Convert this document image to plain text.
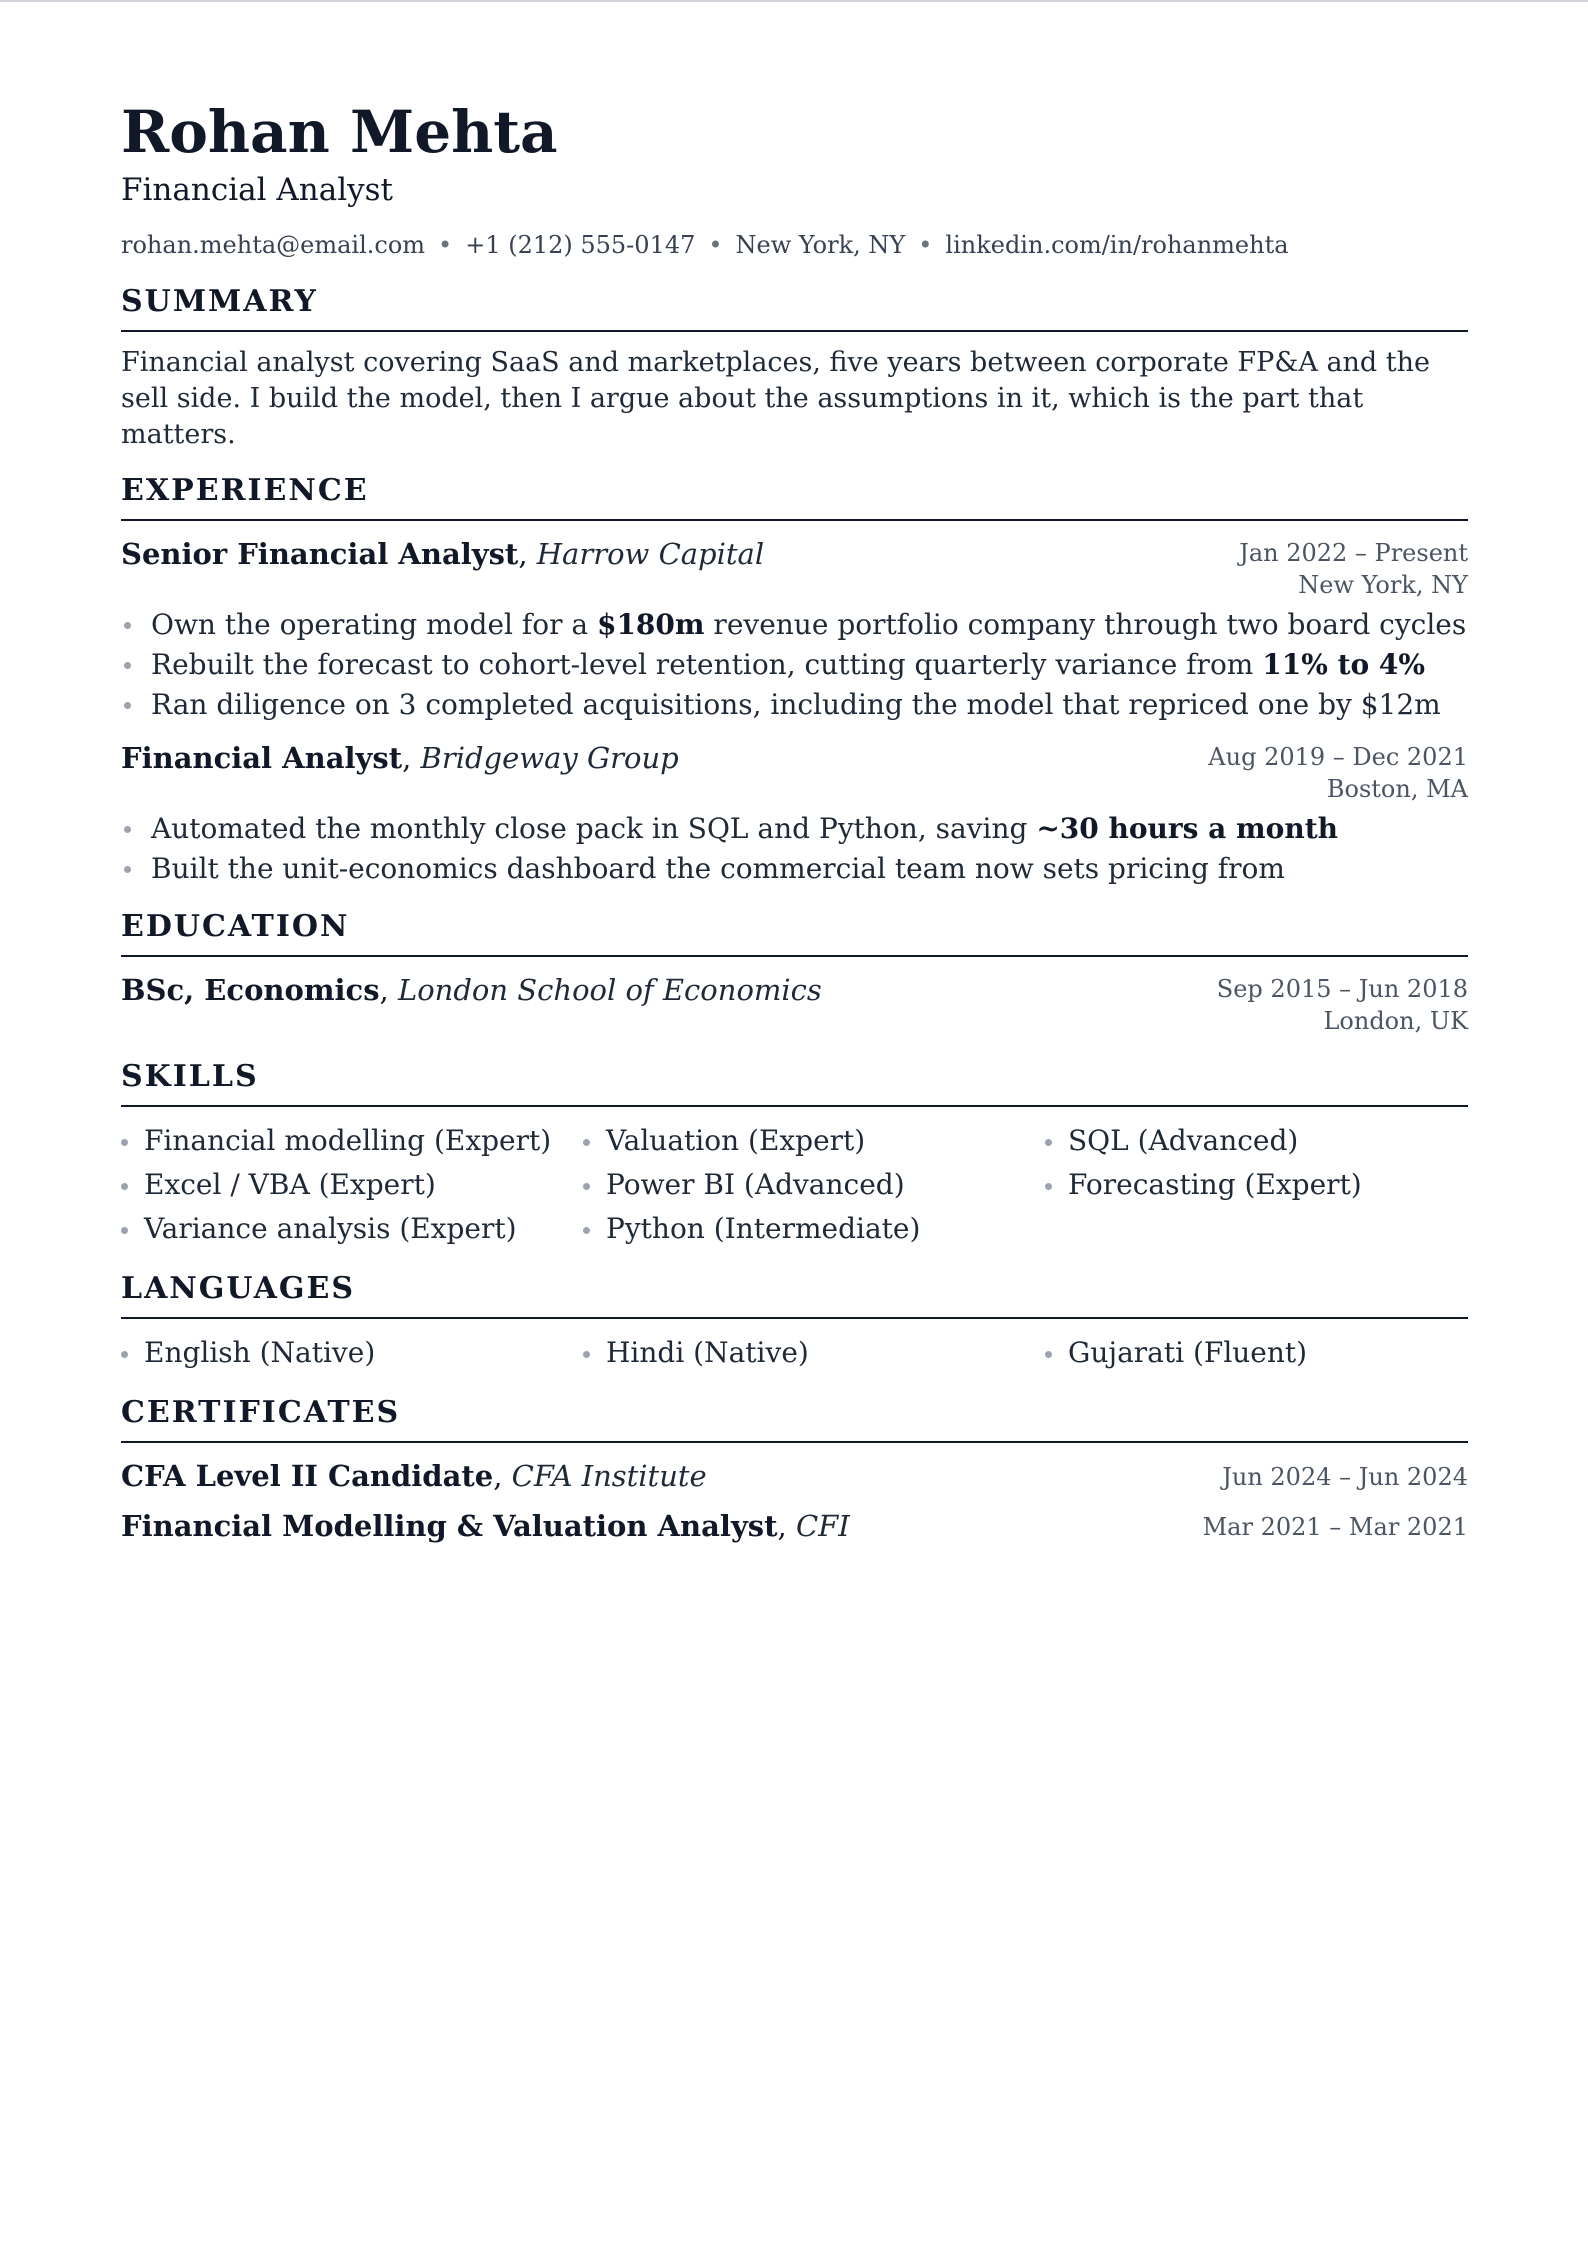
Rohan Mehta
Financial Analyst
rohan.mehta@email.com • +1 (212) 555-0147 • New York, NY • linkedin.com/in/rohanmehta
SUMMARY
Financial analyst covering SaaS and marketplaces, five years between corporate FP&A and the sell side. I build the model, then I argue about the assumptions in it, which is the part that matters.
EXPERIENCE
Senior Financial Analyst, Harrow Capital	Jan 2022 – Present
New York, NY
Own the operating model for a $180m revenue portfolio company through two board cycles
Rebuilt the forecast to cohort-level retention, cutting quarterly variance from 11% to 4%
Ran diligence on 3 completed acquisitions, including the model that repriced one by $12m
Financial Analyst, Bridgeway Group	Aug 2019 – Dec 2021
Boston, MA
Automated the monthly close pack in SQL and Python, saving ~30 hours a month
Built the unit-economics dashboard the commercial team now sets pricing from
EDUCATION
BSc, Economics, London School of Economics	Sep 2015 – Jun 2018
London, UK
SKILLS
Financial modelling (Expert)	Valuation (Expert)	SQL (Advanced)
Excel / VBA (Expert)	Power BI (Advanced)	Forecasting (Expert)
Variance analysis (Expert)	Python (Intermediate)
LANGUAGES
English (Native)	Hindi (Native)	Gujarati (Fluent)
CERTIFICATES
CFA Level II Candidate, CFA Institute	Jun 2024 – Jun 2024
Financial Modelling & Valuation Analyst, CFI	Mar 2021 – Mar 2021
